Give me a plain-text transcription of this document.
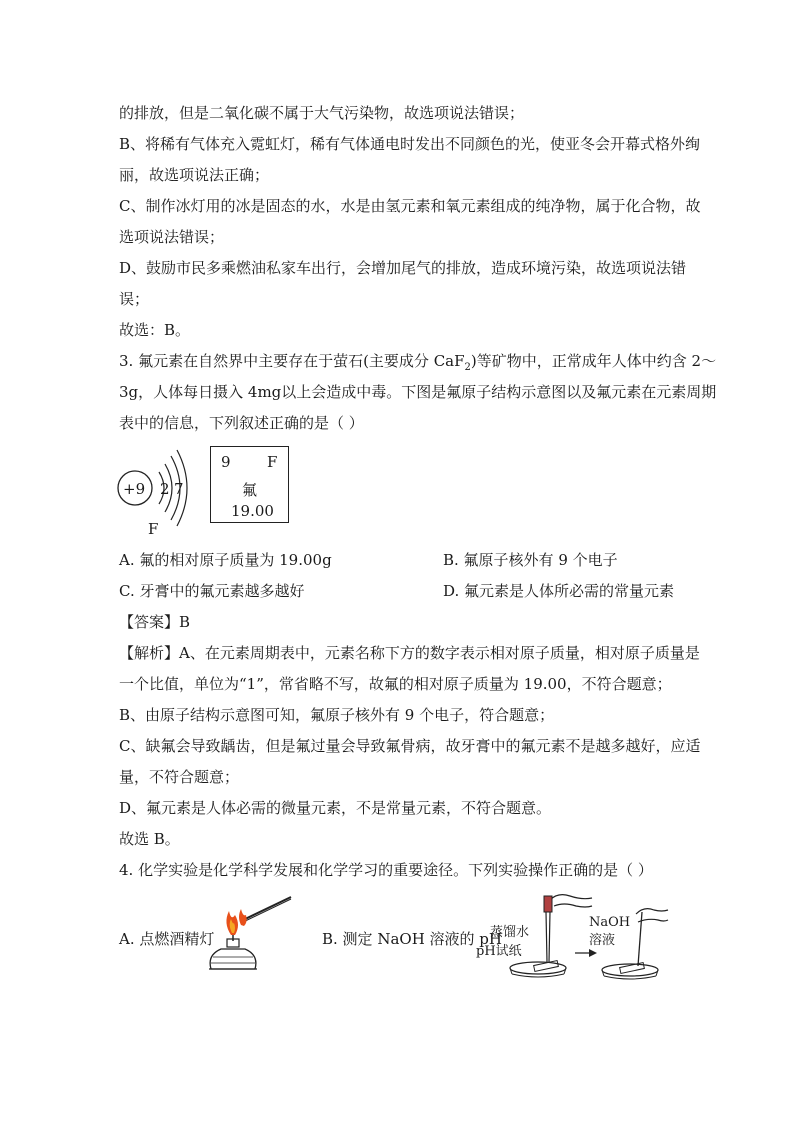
的排放，但是二氧化碳不属于大气污染物，故选项说法错误；
B、将稀有气体充入霓虹灯，稀有气体通电时发出不同颜色的光，使亚冬会开幕式格外绚
丽，故选项说法正确；
C、制作冰灯用的冰是固态的水，水是由氢元素和氧元素组成的纯净物，属于化合物，故
选项说法错误；
D、鼓励市民多乘燃油私家车出行，会增加尾气的排放，造成环境污染，故选项说法错
误；
故选：B。
3. 氟元素在自然界中主要存在于萤石(主要成分 CaF$_2$)等矿物中，正常成年人体中约含 2～
3g，人体每日摄入 4mg以上会造成中毒。下图是氟原子结构示意图以及氟元素在元素周期
表中的信息，下列叙述正确的是（ ）
+9 2 7
F
9 F
氟
19.00
A. 氟的相对原子质量为 19.00g	B. 氟原子核外有 9 个电子
C. 牙膏中的氟元素越多越好	D. 氟元素是人体所必需的常量元素
【答案】B
【解析】A、在元素周期表中，元素名称下方的数字表示相对原子质量，相对原子质量是
一个比值，单位为“1”，常省略不写，故氟的相对原子质量为 19.00，不符合题意；
B、由原子结构示意图可知，氟原子核外有 9 个电子，符合题意；
C、缺氟会导致龋齿，但是氟过量会导致氟骨病，故牙膏中的氟元素不是越多越好，应适
量，不符合题意；
D、氟元素是人体必需的微量元素，不是常量元素，不符合题意。
故选 B。
4. 化学实验是化学科学发展和化学学习的重要途径。下列实验操作正确的是（ ）
A. 点燃酒精灯	B. 测定 NaOH 溶液的 pH
蒸馏水
pH试纸
NaOH
溶液
